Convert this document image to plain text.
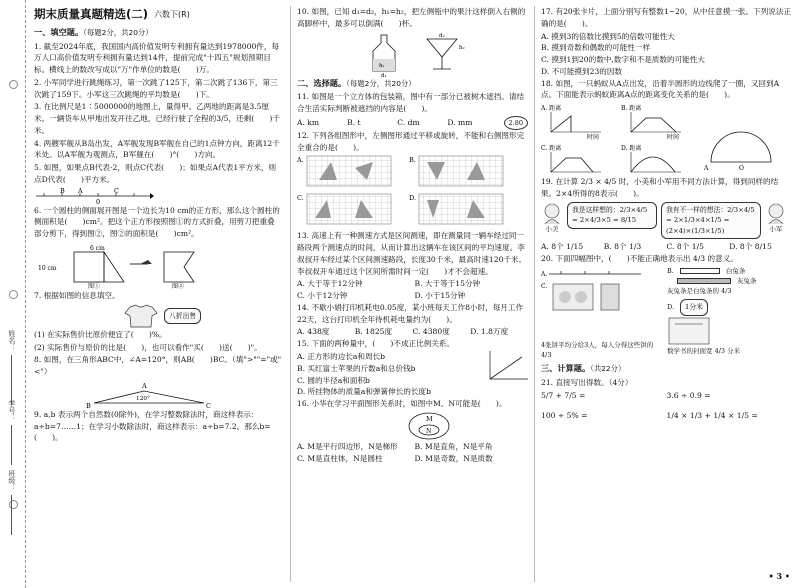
姓名：
学号：
班级：
期末质量真题精选(二) 六数下(R)
一、填空题。（每题2分，共20分）
1. 截至2024年底，我国国内高价值发明专利拥有量达到1978000件，每万人口高价值发明专利拥有量达到14件，提前完成"十四五"规划预期目标。横线上的数改写成以"万"作单位的数是(　　)万。
2. 小军同学进行跳绳练习，第一次跳了125下，第二次跳了136下，第三次跳了159下。小军这三次跳绳的平均数是(　　)下。
3. 在比例尺是1∶5000000的地图上，量得甲、乙两地的距离是3.5厘米。一辆货车从甲地出发开往乙地，已经行驶了全程的3/5，还剩(　　)千米。
4. 两艘军舰从B岛出发，A军舰发现B军舰在自己的1点钟方向，距离12千米处。以A军舰为观测点，B军舰在(　　)°(　　)方向。
5. 如图，如果点B代表-2，则点C代表(　　)；如果点A代表1平方米，则点D代表(　　)平方米。
B A
0
C
6. 一个圆柱的侧面展开图是一个边长为10 cm的正方形，那么这个圆柱的侧面积是(　　)cm²。把这个正方形按照图①的方式折叠，用剪刀把重叠部分剪下，得到图②，图②的面积是(　　)cm²。
6 cm
10 cm
图①	图②
7. 根据如图的信息填空。
八折出售
(1) 在实际售价比原价便宜了(　　)%。
(2) 实际售价与原价的比是(　　)，也可以看作"买(　　)送(　　)"。
8. 如图，在三角形ABC中，∠A=120°，则AB(　　)BC。（填">""="或"<"）
B
A
C
120°
9. a,b 表示两个自然数(0除外)，在学习整数除法时，商这样表示：a÷b=7……1；在学习小数除法时，商这样表示：a÷b=7.2。那么b=(　　)。
10. 如图，已知 d₁=d₂，h₁=h₂，把左侧瓶中的果汁这样倒入右侧的高脚杯中，最多可以倒满(　　)杯。
h₁
d₁
d₂
h₂
二、选择题。（每题2分，共20分）
11. 如图是一个立方体的包装箱，图中有一部分已被树木遮挡。请结合生活实际判断被遮挡的内容是(　　)。
A. km	B. t	C. dm	D. mm	2.80
12. 下列各组图形中，左侧图形通过平移或旋转，不能和右侧图形完全重合的是(　　)。
A.	B.
C.	D.
13. 高速上有一种测速方式是区间测速，即在测量同一辆车经过同一路段两个测速点的时间，从而计算出这辆车在该区间的平均速度。李叔叔开车经过某个区间测速路段，长度30千米，最高时速120千米。李叔叔开车通过这个区间所需时间一定(　　)才不会超速。
A. 大于等于12分钟	B. 大于等于15分钟
C. 小于12分钟	D. 小于15分钟
14. 不歇小娟打印机耗电0.05度，某小班每天工作8小时，每月工作22天，这台打印机全年待机耗电量约为(　　)。
A. 438度	B. 1825度	C. 4380度	D. 1.8万度
15. 下面的两种量中，(　　)不成正比例关系。
A. 正方形的边长a和周长b
B. 买红富士苹果的斤数a和总价钱b
C. 圆的半径a和面积b
D. 所挂物体的质量a和弹簧伸长的长度b
16. 小华在学习平面图形关系时，如图中M、N可能是(　　)。
M
N
A. M是平行四边形，N是梯形	B. M是直角，N是平角
C. M是直柱体，N是圆柱	D. M是奇数，N是质数
17. 有20张卡片，上面分别写有整数1~20，从中任意摸一张。下列说法正确的是(　　)。
A. 摸到3的倍数比摸到5的倍数可能性大
B. 摸到奇数和偶数的可能性一样
C. 摸到1到20的数中,数字和不是质数的可能性大
D. 不可能摸到23的因数
18. 如图，一只蚂蚁从A点出发，沿着半圆形的边线爬了一圈，又回到A点。下面能表示蚂蚁距离A点的距离变化关系的是(　　)。
A. 距离
时间
B. 距离
时间
C. 距离	D. 距离
A	O
19. 在计算 2/3 × 4/5 时，小美和小军用不同方法计算，得到同样的结果。2×4所得的8表示(　　)。
小美
我是这样想的：2/3×4/5 = 2×4/3×5 = 8/15
我有不一样的想法：2/3×4/5 = 2×1/3×4×1/5 = (2×4)×(1/3×1/5)	小军
A. 8个 1/15	B. 8个 1/3	C. 8个 1/5	D. 8个 8/15
20. 下面四幅图中，(　　)不能正确地表示出 4/3 的意义。
A.
C.
4张饼平均分给3人，每人分得这些饼的 4/3
B.	白兔条
灰兔条
灰兔条是白兔条的 4/3
D.	1分米
数学书的封面宽 4/3 分米
三、计算题。（共22分）
21. 直接写出得数。（4分）
5/7 + 7/5 =	3.6 ÷ 0.9 =
100 ÷ 5% =	1/4 × 1/3 + 1/4 × 1/5 =
• 3 •
